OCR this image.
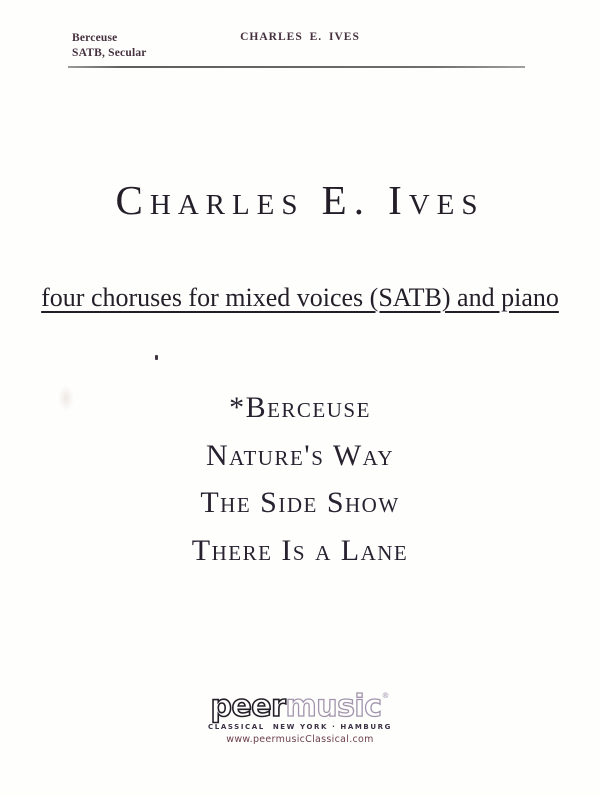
Berceuse
SATB, Secular
CHARLES E. IVES
Charles E. Ives
four choruses for mixed voices (SATB) and piano
*Berceuse
Nature's Way
The Side Show
There Is a Lane
peermusic®
CLASSICAL NEW YORK · HAMBURG
www.peermusicClassical.com
